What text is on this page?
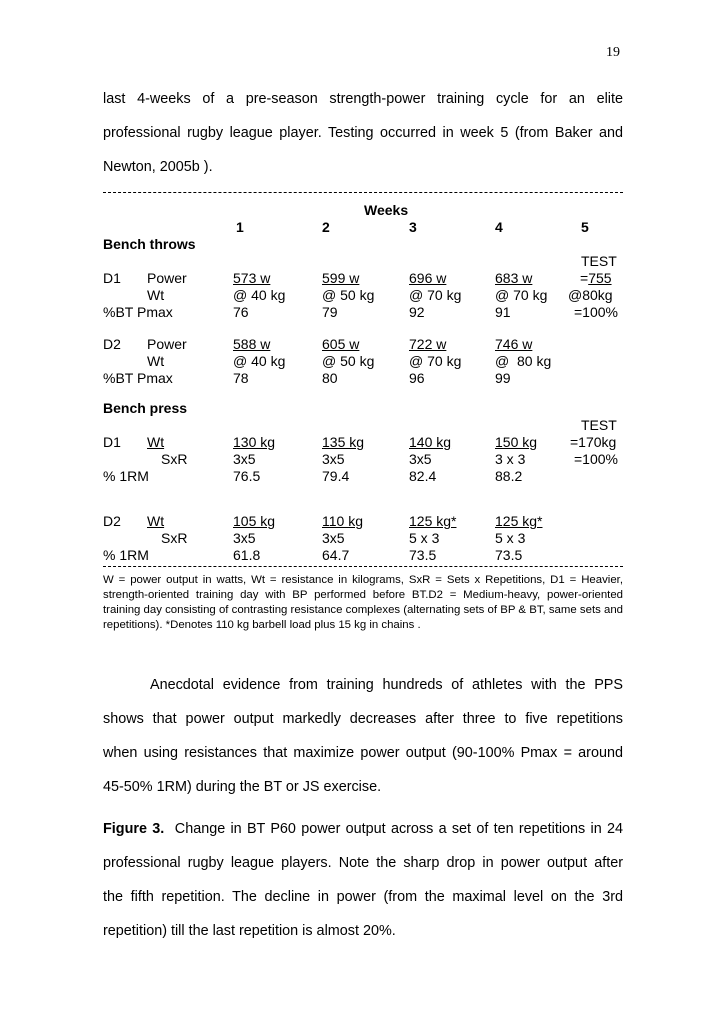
19
last 4-weeks of a pre-season strength-power training cycle for an elite
professional rugby league player. Testing occurred in week 5 (from Baker and
Newton, 2005b ).
Weeks
1	2	3	4	5
Bench throws
TEST
D1 Power	573 w	599 w	696 w	683 w	=755
Wt	@ 40 kg	@ 50 kg @ 70 kg @ 70 kg @80kg
%BT Pmax	76	79	92	91	=100%
D2 Power	588 w	605 w	722 w	746 w
Wt	@ 40 kg	@ 50 kg @ 70 kg @  80 kg
%BT Pmax	78	80	96	99
Bench press
TEST
D1 Wt	130 kg	135 kg	140 kg	150 kg =170kg
SxR	3x5	3x5	3x5	3 x 3	=100%
% 1RM	76.5	79.4	82.4	88.2
D2 Wt	105 kg	110 kg	125 kg*	125 kg*
SxR	3x5	3x5	5 x 3	5 x 3
% 1RM	61.8	64.7	73.5	73.5
W = power output in watts, Wt = resistance in kilograms, SxR = Sets x Repetitions, D1 = Heavier, strength-oriented training day with BP performed before BT.D2 = Medium-heavy, power-oriented training day consisting of contrasting resistance complexes (alternating sets of BP & BT, same sets and repetitions). *Denotes 110 kg barbell load plus 15 kg in chains .
Anecdotal evidence from training hundreds of athletes with the PPS
shows that power output markedly decreases after three to five repetitions
when using resistances that maximize power output (90-100% Pmax = around
45-50% 1RM) during the BT or JS exercise.
Figure 3. Change in BT P60 power output across a set of ten repetitions in 24
professional rugby league players. Note the sharp drop in power output after
the fifth repetition. The decline in power (from the maximal level on the 3rd
repetition) till the last repetition is almost 20%.
